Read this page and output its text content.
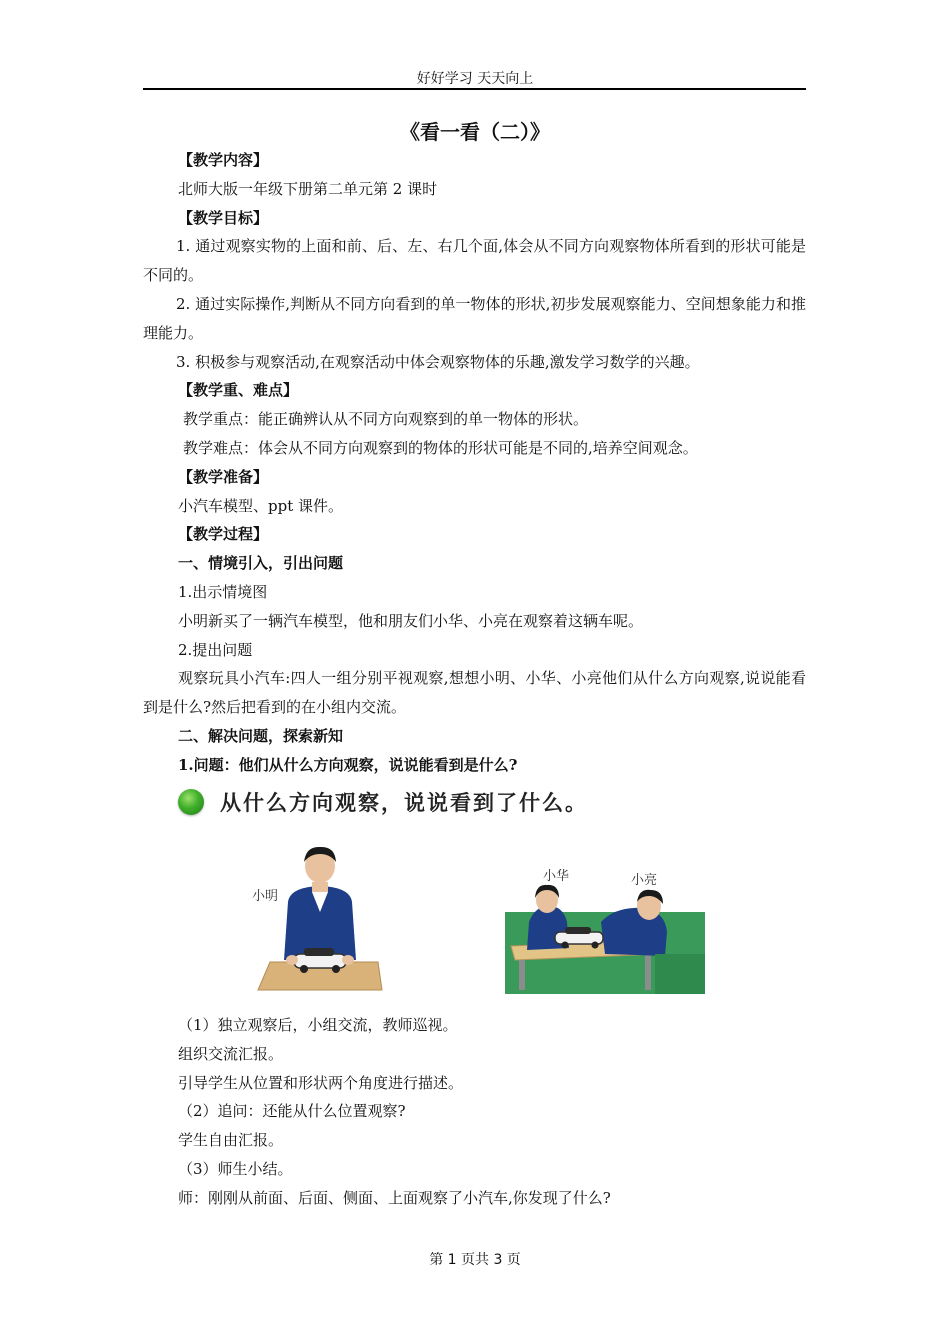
好好学习 天天向上
《看一看（二）》
【教学内容】
北师大版一年级下册第二单元第 2 课时
【教学目标】
1. 通过观察实物的上面和前、后、左、右几个面,体会从不同方向观察物体所看到的形状可能是不同的。
2. 通过实际操作,判断从不同方向看到的单一物体的形状,初步发展观察能力、空间想象能力和推理能力。
3. 积极参与观察活动,在观察活动中体会观察物体的乐趣,激发学习数学的兴趣。
【教学重、难点】
教学重点：能正确辨认从不同方向观察到的单一物体的形状。
教学难点：体会从不同方向观察到的物体的形状可能是不同的,培养空间观念。
【教学准备】
小汽车模型、ppt 课件。
【教学过程】
一、情境引入，引出问题
1.出示情境图
小明新买了一辆汽车模型，他和朋友们小华、小亮在观察着这辆车呢。
2.提出问题
观察玩具小汽车:四人一组分别平视观察,想想小明、小华、小亮他们从什么方向观察,说说能看到是什么?然后把看到的在小组内交流。
二、解决问题，探索新知
1.问题：他们从什么方向观察，说说能看到是什么?
从什么方向观察，说说看到了什么。
小明
小华	小亮
（1）独立观察后，小组交流，教师巡视。
组织交流汇报。
引导学生从位置和形状两个角度进行描述。
（2）追问：还能从什么位置观察?
学生自由汇报。
（3）师生小结。
师：刚刚从前面、后面、侧面、上面观察了小汽车,你发现了什么?
第 1 页共 3 页
